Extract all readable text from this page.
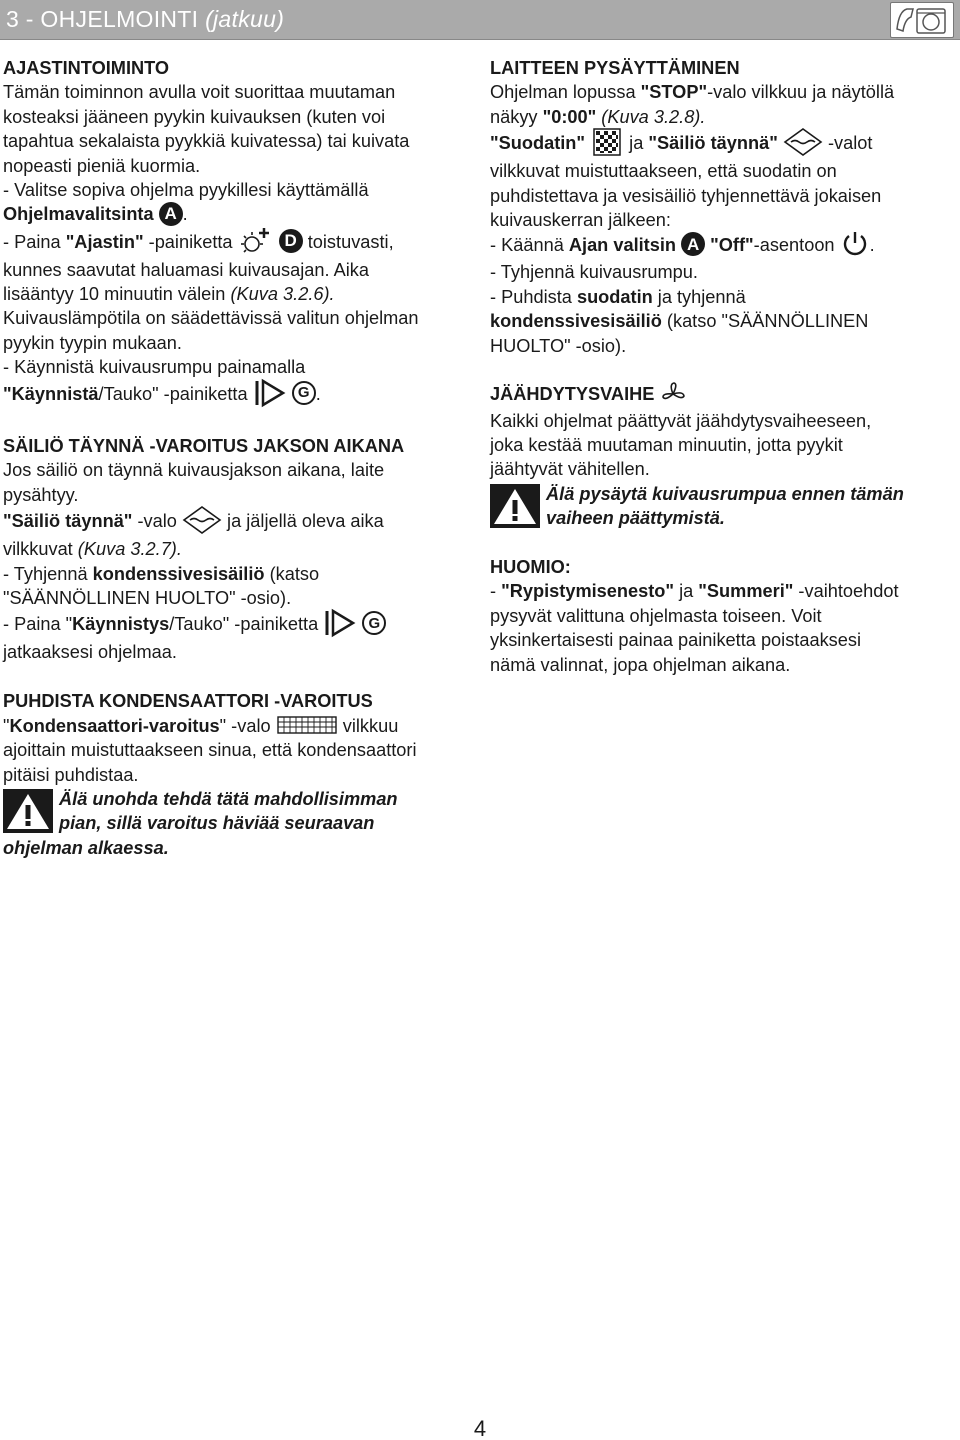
3 - OHJELMOINTI (jatkuu)
AJASTINTOIMINTO
Tämän toiminnon avulla voit suorittaa muutaman
kosteaksi jääneen pyykin kuivauksen (kuten voi
tapahtua sekalaista pyykkiä kuivatessa) tai kuivata
nopeasti pieniä kuormia.
- Valitse sopiva ohjelma pyykillesi käyttämällä
Ohjelmavalitsinta A .
- Paina "Ajastin" -painiketta	D toistuvasti,
kunnes saavutat haluamasi kuivausajan. Aika
lisääntyy 10 minuutin välein (Kuva 3.2.6).
Kuivauslämpötila on säädettävissä valitun ohjelman
pyykin tyypin mukaan.
- Käynnistä kuivausrumpu painamalla
"Käynnistä/Tauko" -painiketta	G .
SÄILIÖ TÄYNNÄ -VAROITUS JAKSON AIKANA
Jos säiliö on täynnä kuivausjakson aikana, laite
pysähtyy.
"Säiliö täynnä" -valo	ja jäljellä oleva aika
vilkkuvat (Kuva 3.2.7).
- Tyhjennä kondenssivesisäiliö (katso
"SÄÄNNÖLLINEN HUOLTO" -osio).
- Paina "Käynnistys/Tauko" -painiketta	G
jatkaaksesi ohjelmaa.
PUHDISTA KONDENSAATTORI -VAROITUS
"Kondensaattori-varoitus" -valo	vilkkuu
ajoittain muistuttaakseen sinua, että kondensaattori
pitäisi puhdistaa.
Älä unohda tehdä tätä mahdollisimman
pian, sillä varoitus häviää seuraavan
ohjelman alkaessa.
LAITTEEN PYSÄYTTÄMINEN
Ohjelman lopussa "STOP"-valo vilkkuu ja näytöllä
näkyy "0:00" (Kuva 3.2.8).
"Suodatin"  ja "Säiliö täynnä"	-valot
vilkkuvat muistuttaakseen, että suodatin on
puhdistettava ja vesisäiliö tyhjennettävä jokaisen
kuivauskerran jälkeen:
- Käännä Ajan valitsin A "Off"-asentoon .
- Tyhjennä kuivausrumpu.
- Puhdista suodatin ja tyhjennä
kondenssivesisäiliö (katso "SÄÄNNÖLLINEN
HUOLTO" -osio).
JÄÄHDYTYSVAIHE
Kaikki ohjelmat päättyvät jäähdytysvaiheeseen,
joka kestää muutaman minuutin, jotta pyykit
jäähtyvät vähitellen.
Älä pysäytä kuivausrumpua ennen tämän
vaiheen päättymistä.
HUOMIO:
- "Rypistymisenesto" ja "Summeri" -vaihtoehdot
pysyvät valittuna ohjelmasta toiseen. Voit
yksinkertaisesti painaa painiketta poistaaksesi
nämä valinnat, jopa ohjelman aikana.
4
